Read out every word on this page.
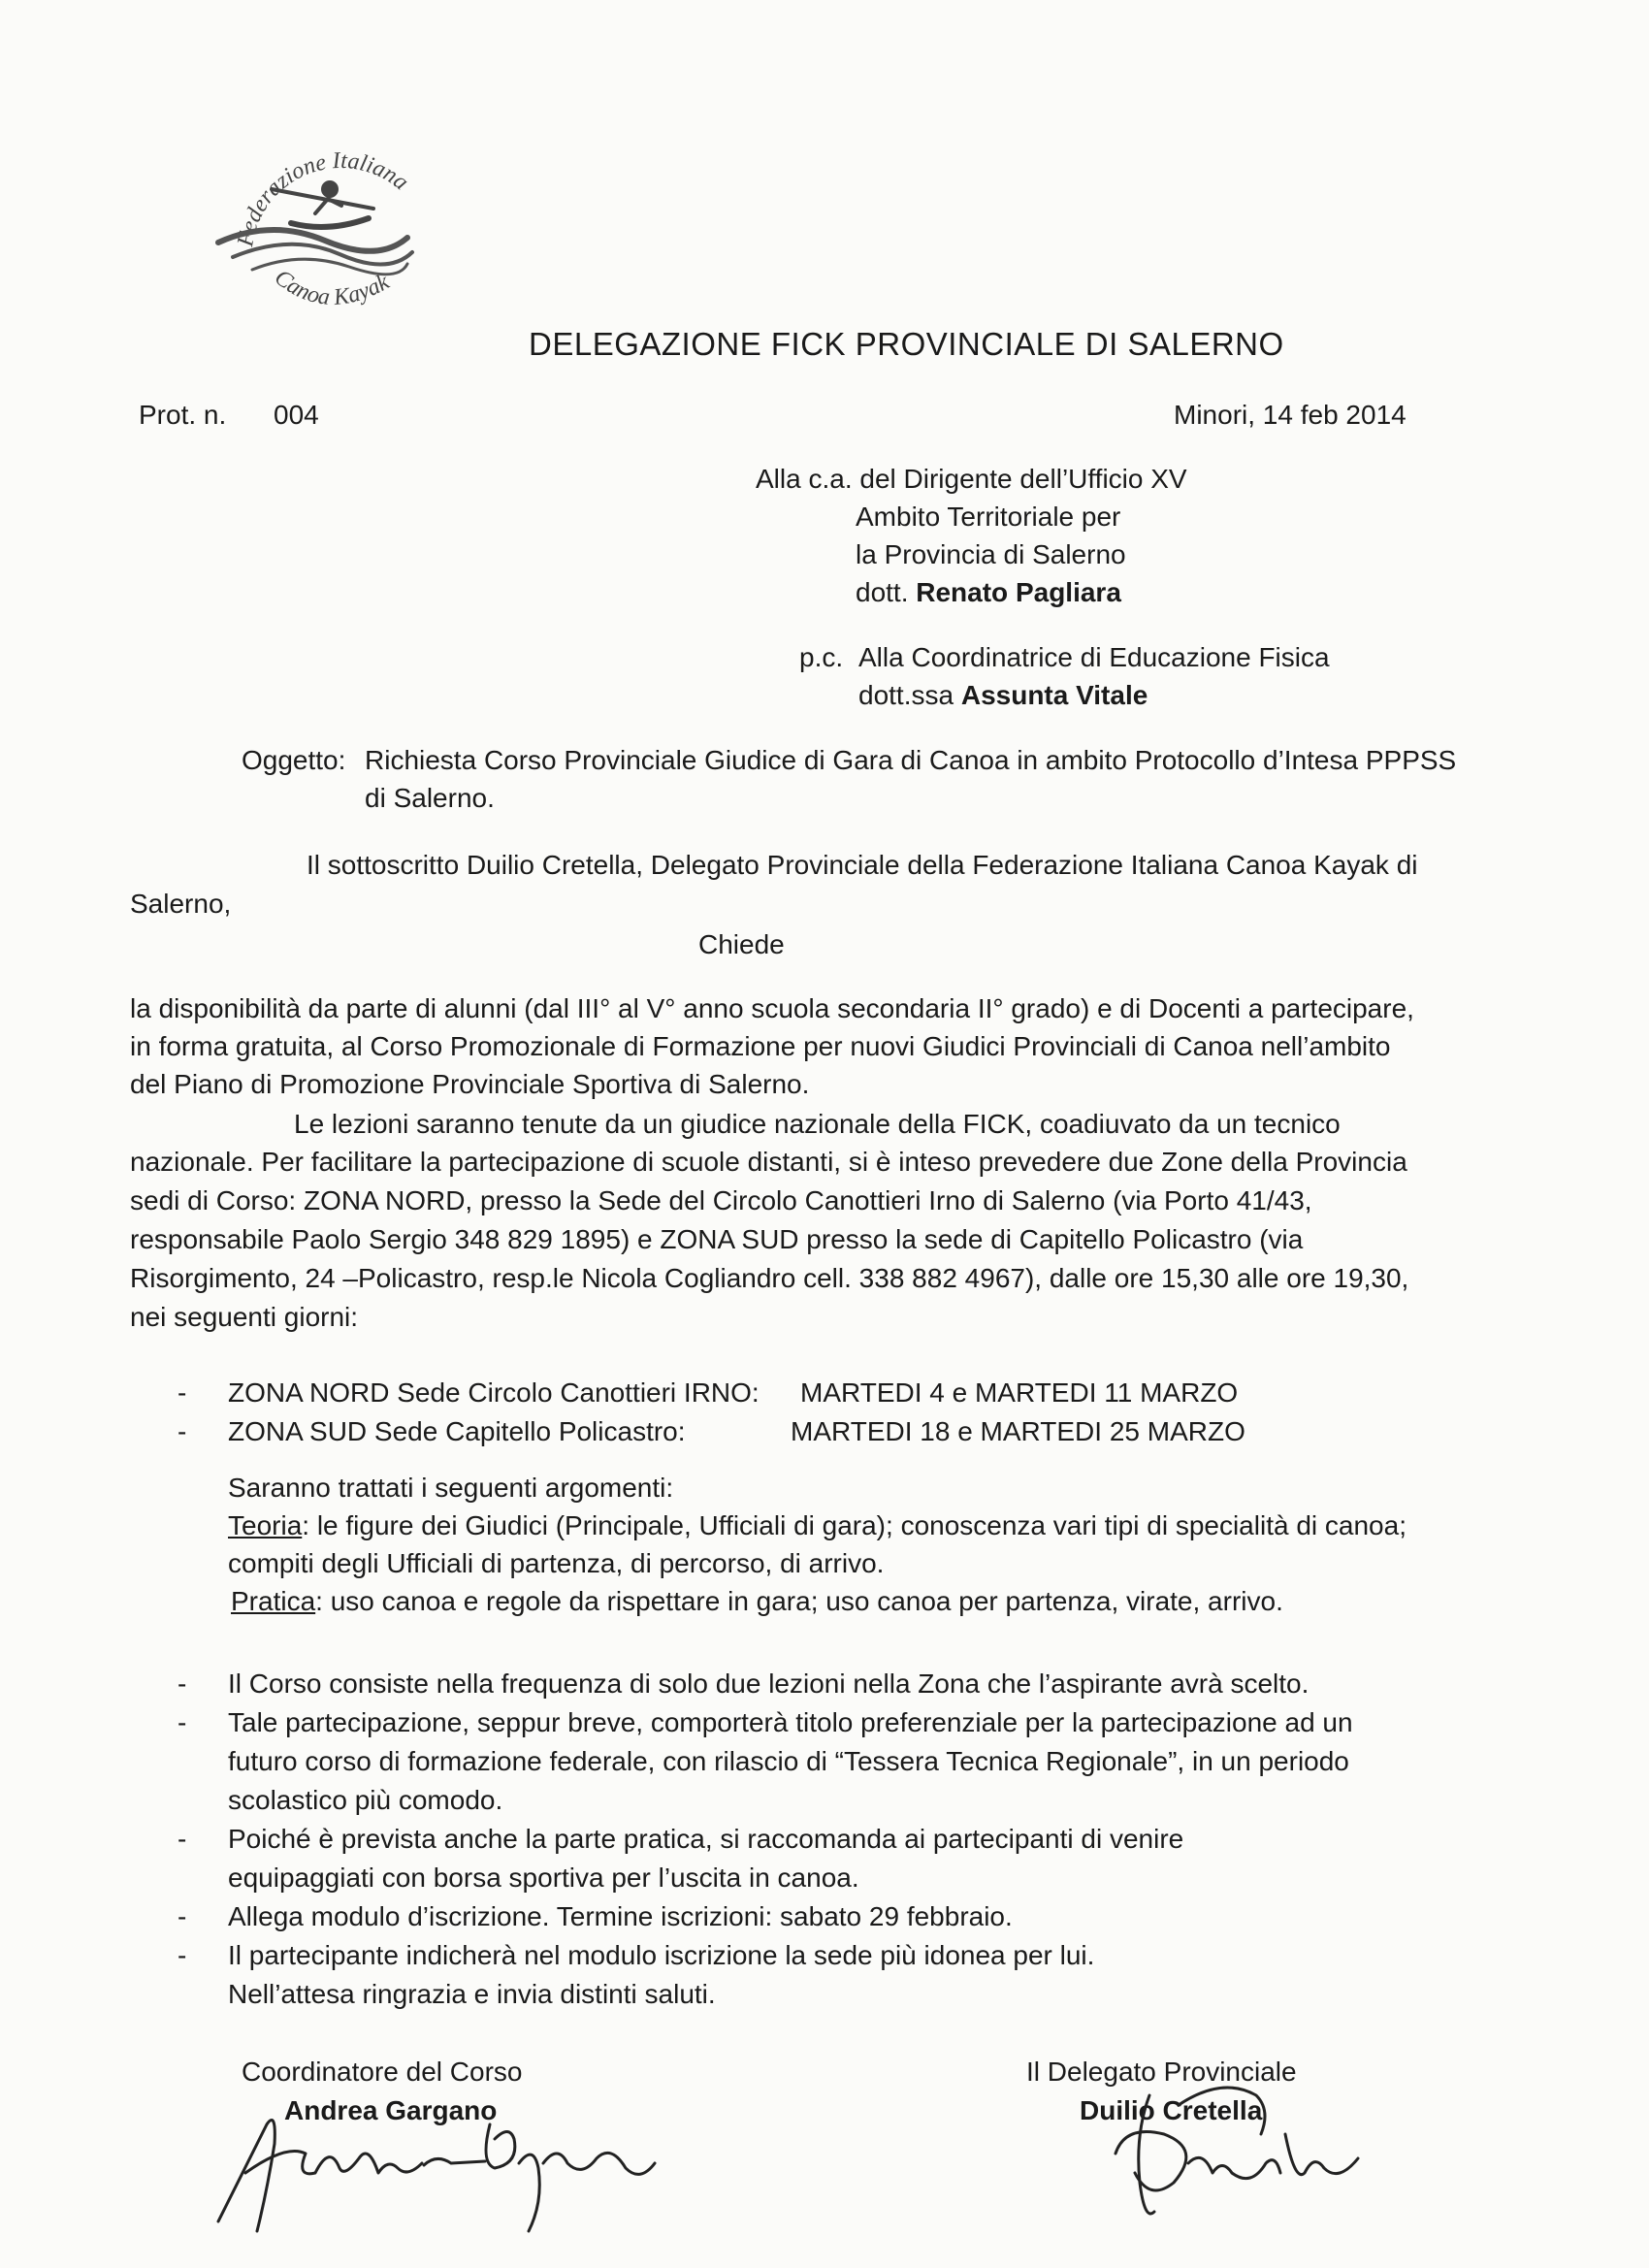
Federazione Italiana
Canoa Kayak
DELEGAZIONE FICK PROVINCIALE DI SALERNO
Prot. n. 004	Minori, 14 feb 2014
Alla c.a. del Dirigente dell’Ufficio XV
Ambito Territoriale per
la Provincia di Salerno
dott. Renato Pagliara
p.c. Alla Coordinatrice di Educazione Fisica
dott.ssa Assunta Vitale
Oggetto: Richiesta Corso Provinciale Giudice di Gara di Canoa in ambito Protocollo d’Intesa PPPSS
di Salerno.
Il sottoscritto Duilio Cretella, Delegato Provinciale della Federazione Italiana Canoa Kayak di
Salerno,
Chiede
la disponibilità da parte di alunni (dal III° al V° anno scuola secondaria II° grado) e di Docenti a partecipare,
in forma gratuita, al Corso Promozionale di Formazione per nuovi Giudici Provinciali di Canoa nell’ambito
del Piano di Promozione Provinciale Sportiva di Salerno.
Le lezioni saranno tenute da un giudice nazionale della FICK, coadiuvato da un tecnico
nazionale. Per facilitare la partecipazione di scuole distanti, si è inteso prevedere due Zone della Provincia
sedi di Corso: ZONA NORD, presso la Sede del Circolo Canottieri Irno di Salerno (via Porto 41/43,
responsabile Paolo Sergio 348 829 1895) e ZONA SUD presso la sede di Capitello Policastro (via
Risorgimento, 24 –Policastro, resp.le Nicola Cogliandro cell. 338 882 4967), dalle ore 15,30 alle ore 19,30,
nei seguenti giorni:
- ZONA NORD Sede Circolo Canottieri IRNO: MARTEDI 4 e MARTEDI 11 MARZO
- ZONA SUD Sede Capitello Policastro:	MARTEDI 18 e MARTEDI 25 MARZO
Saranno trattati i seguenti argomenti:
Teoria: le figure dei Giudici (Principale, Ufficiali di gara); conoscenza vari tipi di specialità di canoa;
compiti degli Ufficiali di partenza, di percorso, di arrivo.
Pratica: uso canoa e regole da rispettare in gara; uso canoa per partenza, virate, arrivo.
- Il Corso consiste nella frequenza di solo due lezioni nella Zona che l’aspirante avrà scelto.
- Tale partecipazione, seppur breve, comporterà titolo preferenziale per la partecipazione ad un
futuro corso di formazione federale, con rilascio di “Tessera Tecnica Regionale”, in un periodo
scolastico più comodo.
- Poiché è prevista anche la parte pratica, si raccomanda ai partecipanti di venire
equipaggiati con borsa sportiva per l’uscita in canoa.
- Allega modulo d’iscrizione. Termine iscrizioni: sabato 29 febbraio.
- Il partecipante indicherà nel modulo iscrizione la sede più idonea per lui.
Nell’attesa ringrazia e invia distinti saluti.
Coordinatore del Corso
Andrea Gargano
Il Delegato Provinciale
Duilio Cretella
